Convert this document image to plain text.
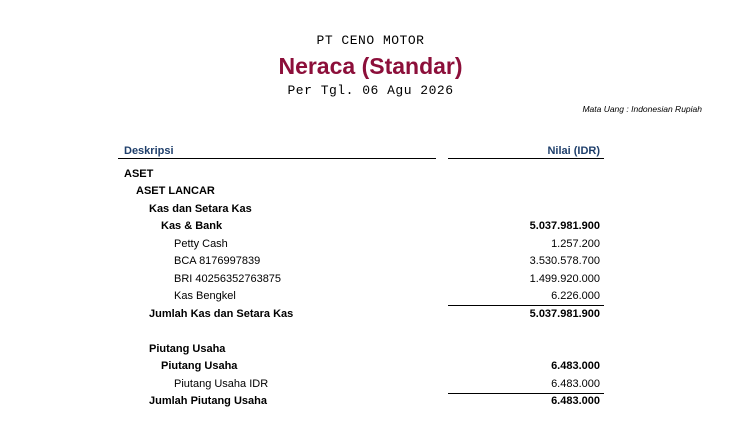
PT CENO MOTOR
Neraca (Standar)
Per Tgl. 06 Agu 2026
Mata Uang : Indonesian Rupiah
Deskripsi	Nilai (IDR)
ASET
ASET LANCAR
Kas dan Setara Kas
Kas & Bank	5.037.981.900
Petty Cash	1.257.200
BCA 8176997839	3.530.578.700
BRI 40256352763875	1.499.920.000
Kas Bengkel	6.226.000
Jumlah Kas dan Setara Kas	5.037.981.900
Piutang Usaha
Piutang Usaha	6.483.000
Piutang Usaha IDR	6.483.000
Jumlah Piutang Usaha	6.483.000
